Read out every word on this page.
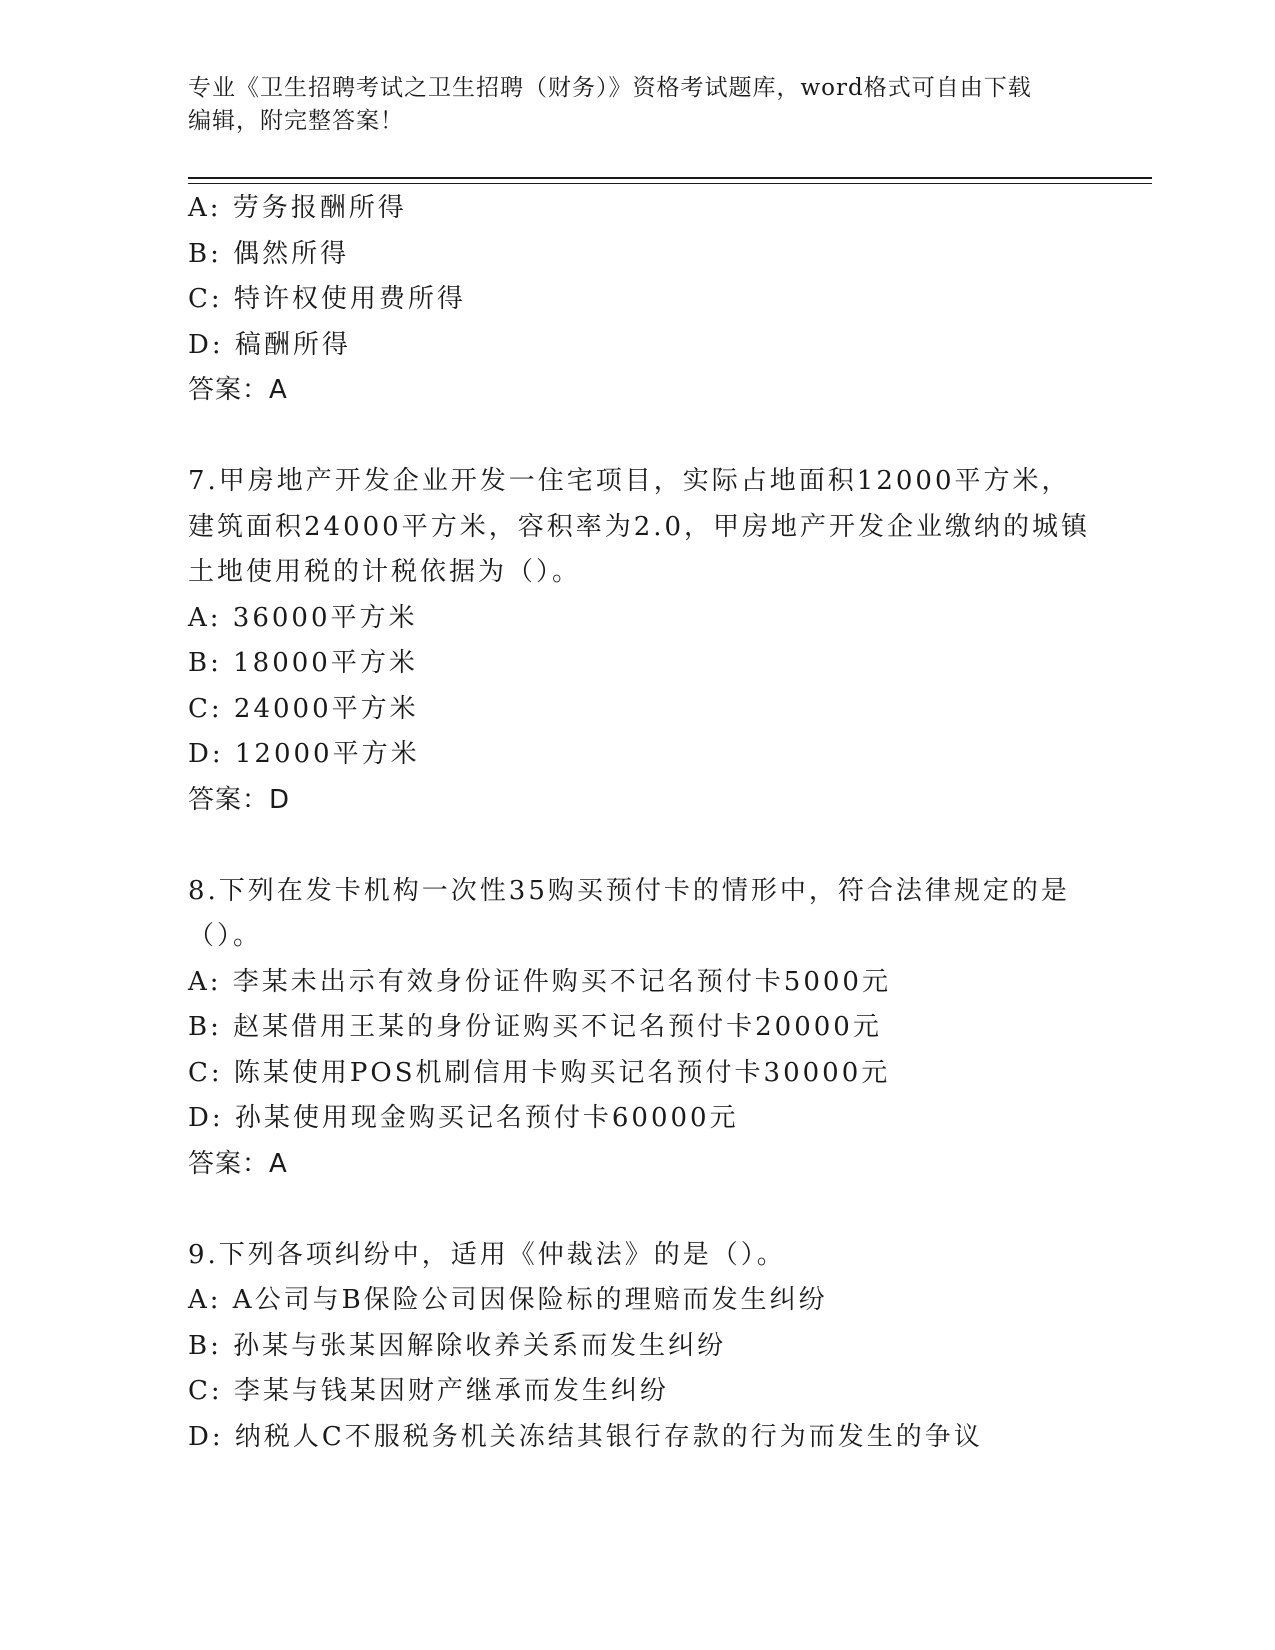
专业《卫生招聘考试之卫生招聘（财务）》资格考试题库，word格式可自由下载
编辑，附完整答案！
A: 劳务报酬所得
B: 偶然所得
C: 特许权使用费所得
D: 稿酬所得
答案：A
7.甲房地产开发企业开发一住宅项目，实际占地面积12000平方米，
建筑面积24000平方米，容积率为2.0，甲房地产开发企业缴纳的城镇
土地使用税的计税依据为（）。
A: 36000平方米
B: 18000平方米
C: 24000平方米
D: 12000平方米
答案：D
8.下列在发卡机构一次性35购买预付卡的情形中，符合法律规定的是
（）。
A: 李某未出示有效身份证件购买不记名预付卡5000元
B: 赵某借用王某的身份证购买不记名预付卡20000元
C: 陈某使用POS机刷信用卡购买记名预付卡30000元
D: 孙某使用现金购买记名预付卡60000元
答案：A
9.下列各项纠纷中，适用《仲裁法》的是（）。
A: A公司与B保险公司因保险标的理赔而发生纠纷
B: 孙某与张某因解除收养关系而发生纠纷
C: 李某与钱某因财产继承而发生纠纷
D: 纳税人C不服税务机关冻结其银行存款的行为而发生的争议
